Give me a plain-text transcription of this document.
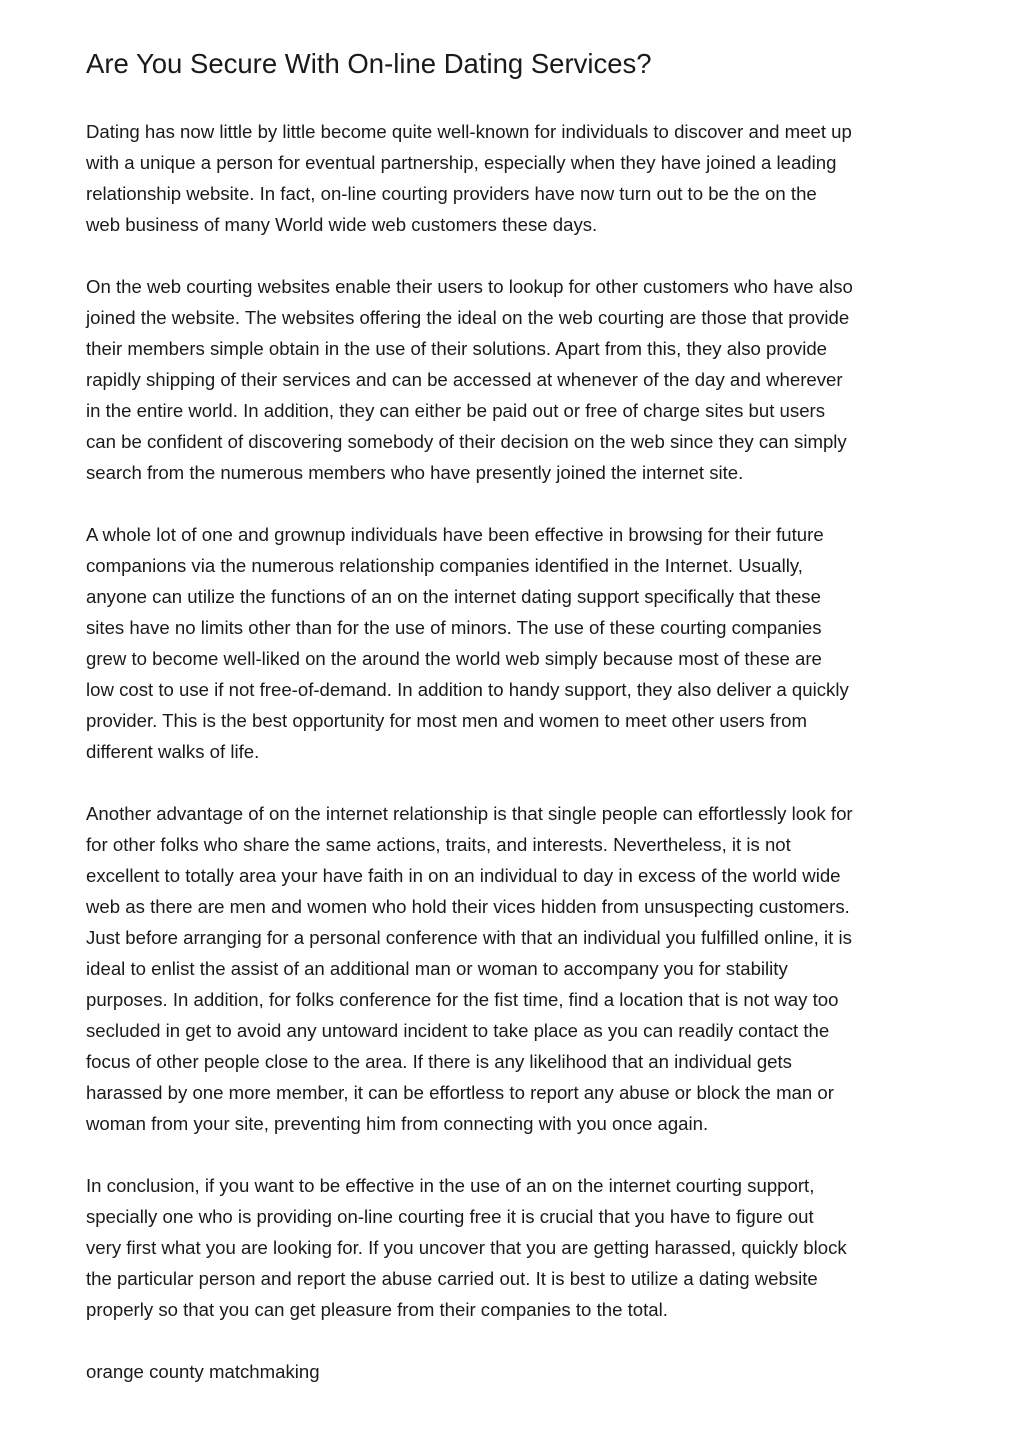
Are You Secure With On-line Dating Services?
Dating has now little by little become quite well-known for individuals to discover and meet up
with a unique a person for eventual partnership, especially when they have joined a leading
relationship website. In fact, on-line courting providers have now turn out to be the on the
web business of many World wide web customers these days.
On the web courting websites enable their users to lookup for other customers who have also
joined the website. The websites offering the ideal on the web courting are those that provide
their members simple obtain in the use of their solutions. Apart from this, they also provide
rapidly shipping of their services and can be accessed at whenever of the day and wherever
in the entire world. In addition, they can either be paid out or free of charge sites but users
can be confident of discovering somebody of their decision on the web since they can simply
search from the numerous members who have presently joined the internet site.
A whole lot of one and grownup individuals have been effective in browsing for their future
companions via the numerous relationship companies identified in the Internet. Usually,
anyone can utilize the functions of an on the internet dating support specifically that these
sites have no limits other than for the use of minors. The use of these courting companies
grew to become well-liked on the around the world web simply because most of these are
low cost to use if not free-of-demand. In addition to handy support, they also deliver a quickly
provider. This is the best opportunity for most men and women to meet other users from
different walks of life.
Another advantage of on the internet relationship is that single people can effortlessly look for
for other folks who share the same actions, traits, and interests. Nevertheless, it is not
excellent to totally area your have faith in on an individual to day in excess of the world wide
web as there are men and women who hold their vices hidden from unsuspecting customers.
Just before arranging for a personal conference with that an individual you fulfilled online, it is
ideal to enlist the assist of an additional man or woman to accompany you for stability
purposes. In addition, for folks conference for the fist time, find a location that is not way too
secluded in get to avoid any untoward incident to take place as you can readily contact the
focus of other people close to the area. If there is any likelihood that an individual gets
harassed by one more member, it can be effortless to report any abuse or block the man or
woman from your site, preventing him from connecting with you once again.
In conclusion, if you want to be effective in the use of an on the internet courting support,
specially one who is providing on-line courting free it is crucial that you have to figure out
very first what you are looking for. If you uncover that you are getting harassed, quickly block
the particular person and report the abuse carried out. It is best to utilize a dating website
properly so that you can get pleasure from their companies to the total.

orange county matchmaking
